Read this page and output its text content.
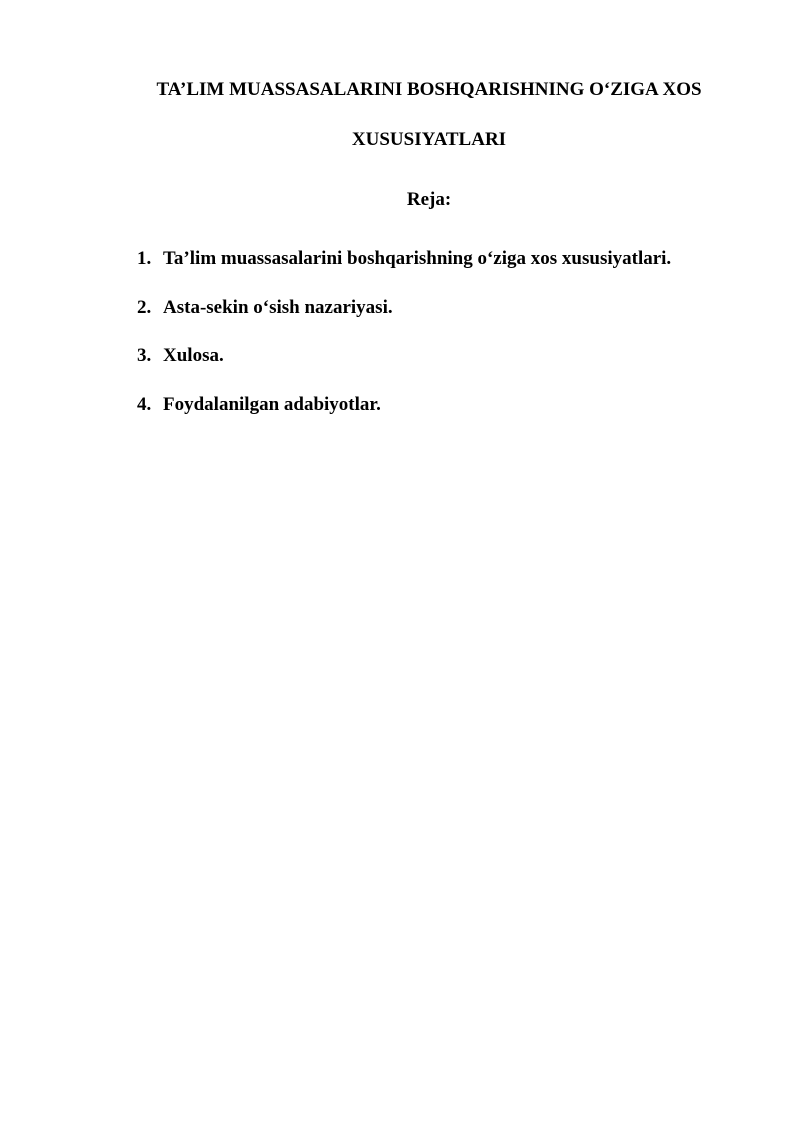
TA’LIM MUASSASALARINI BOSHQARISHNING O‘ZIGA XOS
XUSUSIYATLARI
Reja:
1. Ta’lim muassasalarini boshqarishning o‘ziga xos xususiyatlari.
2. Asta-sekin o‘sish nazariyasi.
3. Xulosa.
4. Foydalanilgan adabiyotlar.
